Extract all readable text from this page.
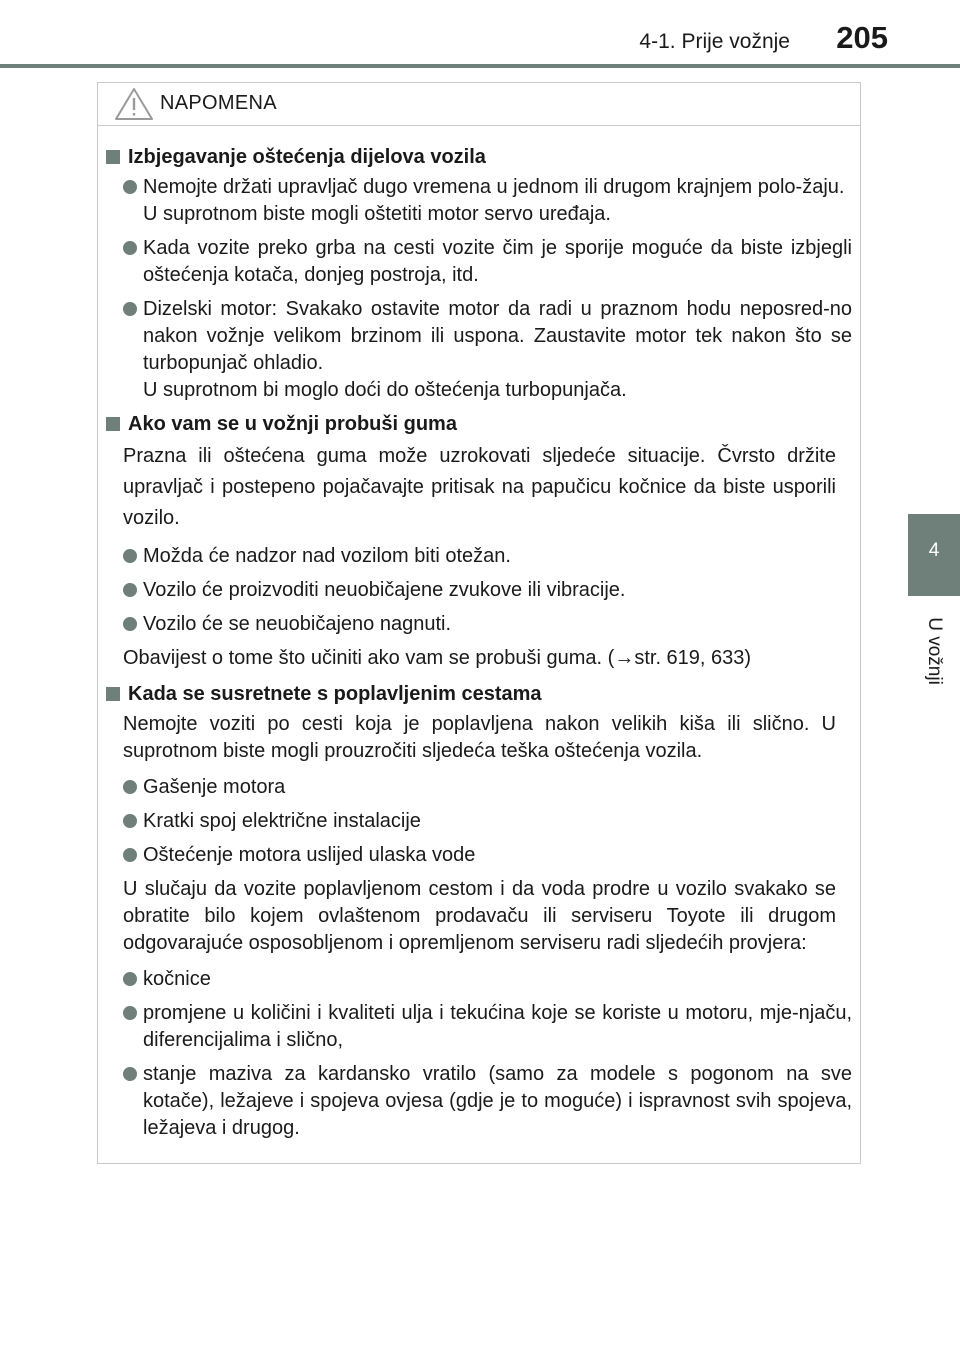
4-1. Prije vožnje 205
4
U vožnji
NAPOMENA
Izbjegavanje oštećenja dijelova vozila
Nemojte držati upravljač dugo vremena u jednom ili drugom krajnjem polo-žaju.
U suprotnom biste mogli oštetiti motor servo uređaja.
Kada vozite preko grba na cesti vozite čim je sporije moguće da biste izbjegli oštećenja kotača, donjeg postroja, itd.
Dizelski motor: Svakako ostavite motor da radi u praznom hodu neposred-no nakon vožnje velikom brzinom ili uspona. Zaustavite motor tek nakon što se turbopunjač ohladio.
U suprotnom bi moglo doći do oštećenja turbopunjača.
Ako vam se u vožnji probuši guma
Prazna ili oštećena guma može uzrokovati sljedeće situacije. Čvrsto držite upravljač i postepeno pojačavajte pritisak na papučicu kočnice da biste usporili vozilo.
Možda će nadzor nad vozilom biti otežan.
Vozilo će proizvoditi neuobičajene zvukove ili vibracije.
Vozilo će se neuobičajeno nagnuti.
Obavijest o tome što učiniti ako vam se probuši guma. (→str. 619, 633)
Kada se susretnete s poplavljenim cestama
Nemojte voziti po cesti koja je poplavljena nakon velikih kiša ili slično. U suprotnom biste mogli prouzročiti sljedeća teška oštećenja vozila.
Gašenje motora
Kratki spoj električne instalacije
Oštećenje motora uslijed ulaska vode
U slučaju da vozite poplavljenom cestom i da voda prodre u vozilo svakako se obratite bilo kojem ovlaštenom prodavaču ili serviseru Toyote ili drugom odgovarajuće osposobljenom i opremljenom serviseru radi sljedećih provjera:
kočnice
promjene u količini i kvaliteti ulja i tekućina koje se koriste u motoru, mje-njaču, diferencijalima i slično,
stanje maziva za kardansko vratilo (samo za modele s pogonom na sve kotače), ležajeve i spojeva ovjesa (gdje je to moguće) i ispravnost svih spojeva, ležajeva i drugog.
